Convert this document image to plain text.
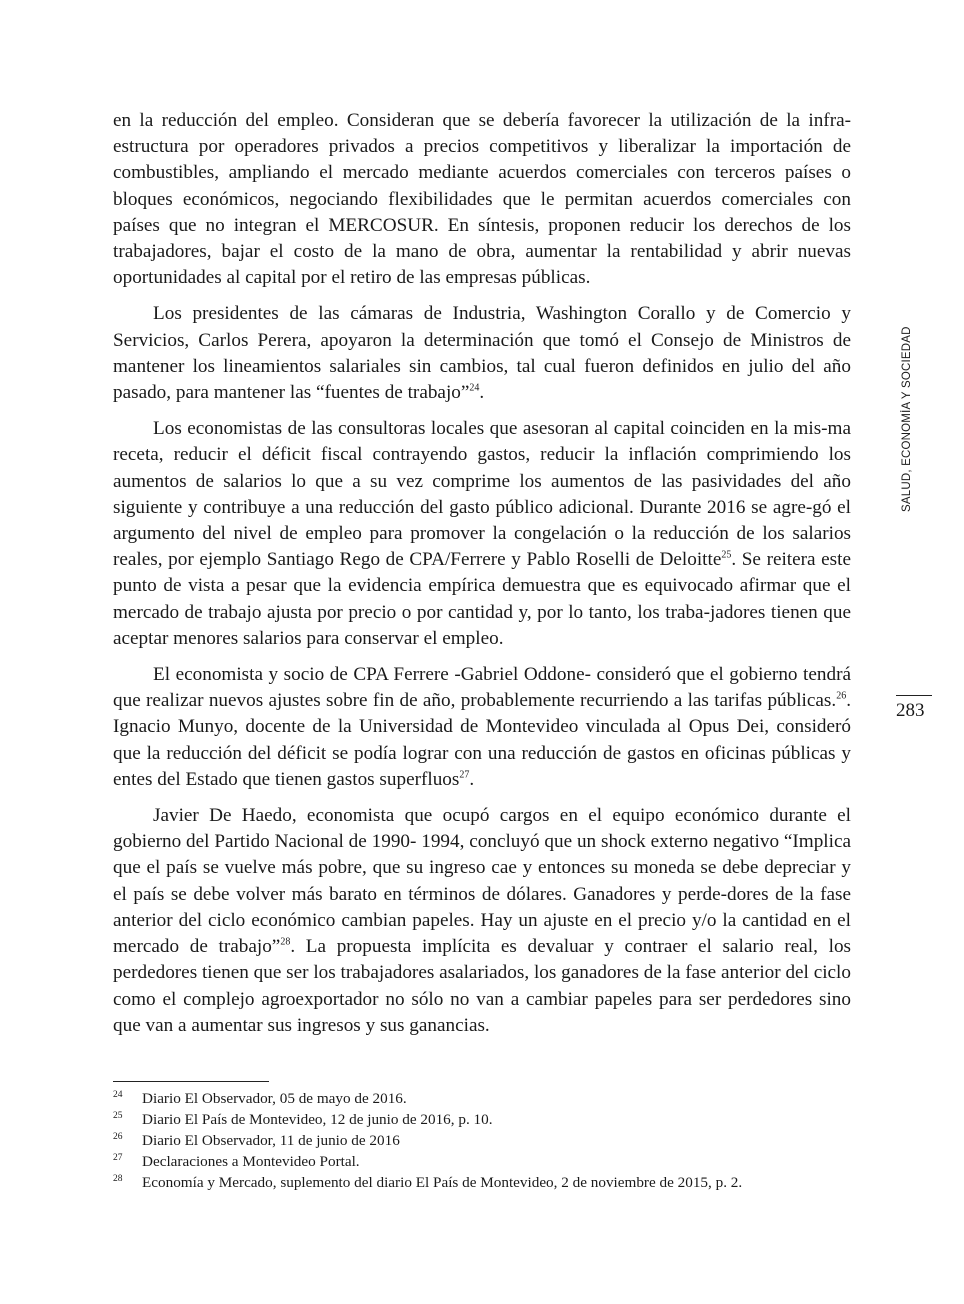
en la reducción del empleo. Consideran que se debería favorecer la utilización de la infra-estructura por operadores privados a precios competitivos y liberalizar la importación de combustibles, ampliando el mercado mediante acuerdos comerciales con terceros países o bloques económicos, negociando flexibilidades que le permitan acuerdos comerciales con países que no integran el MERCOSUR. En síntesis, proponen reducir los derechos de los trabajadores, bajar el costo de la mano de obra, aumentar la rentabilidad y abrir nuevas oportunidades al capital por el retiro de las empresas públicas.

Los presidentes de las cámaras de Industria, Washington Corallo y de Comercio y Servicios, Carlos Perera, apoyaron la determinación que tomó el Consejo de Ministros de mantener los lineamientos salariales sin cambios, tal cual fueron definidos en julio del año pasado, para mantener las “fuentes de trabajo”$^{24}$.

Los economistas de las consultoras locales que asesoran al capital coinciden en la mis-ma receta, reducir el déficit fiscal contrayendo gastos, reducir la inflación comprimiendo los aumentos de salarios lo que a su vez comprime los aumentos de las pasividades del año siguiente y contribuye a una reducción del gasto público adicional. Durante 2016 se agre-gó el argumento del nivel de empleo para promover la congelación o la reducción de los salarios reales, por ejemplo Santiago Rego de CPA/Ferrere y Pablo Roselli de Deloitte$^{25}$. Se reitera este punto de vista a pesar que la evidencia empírica demuestra que es equivocado afirmar que el mercado de trabajo ajusta por precio o por cantidad y, por lo tanto, los traba-jadores tienen que aceptar menores salarios para conservar el empleo.

El economista y socio de CPA Ferrere -Gabriel Oddone- consideró que el gobierno tendrá que realizar nuevos ajustes sobre fin de año, probablemente recurriendo a las tarifas públicas.$^{26}$. Ignacio Munyo, docente de la Universidad de Montevideo vinculada al Opus Dei, consideró que la reducción del déficit se podía lograr con una reducción de gastos en oficinas públicas y entes del Estado que tienen gastos superfluos$^{27}$.

Javier De Haedo, economista que ocupó cargos en el equipo económico durante el gobierno del Partido Nacional de 1990- 1994, concluyó que un shock externo negativo “Implica que el país se vuelve más pobre, que su ingreso cae y entonces su moneda se debe depreciar y el país se debe volver más barato en términos de dólares. Ganadores y perde-dores de la fase anterior del ciclo económico cambian papeles. Hay un ajuste en el precio y/o la cantidad en el mercado de trabajo”$^{28}$. La propuesta implícita es devaluar y contraer el salario real, los perdedores tienen que ser los trabajadores asalariados, los ganadores de la fase anterior del ciclo como el complejo agroexportador no sólo no van a cambiar papeles para ser perdedores sino que van a aumentar sus ingresos y sus ganancias.

SALUD, ECONOMÍA Y SOCIEDAD
283
24 Diario El Observador, 05 de mayo de 2016.
25 Diario El País de Montevideo, 12 de junio de 2016, p. 10.
26 Diario El Observador, 11 de junio de 2016
27 Declaraciones a Montevideo Portal.
28 Economía y Mercado, suplemento del diario El País de Montevideo, 2 de noviembre de 2015, p. 2.
